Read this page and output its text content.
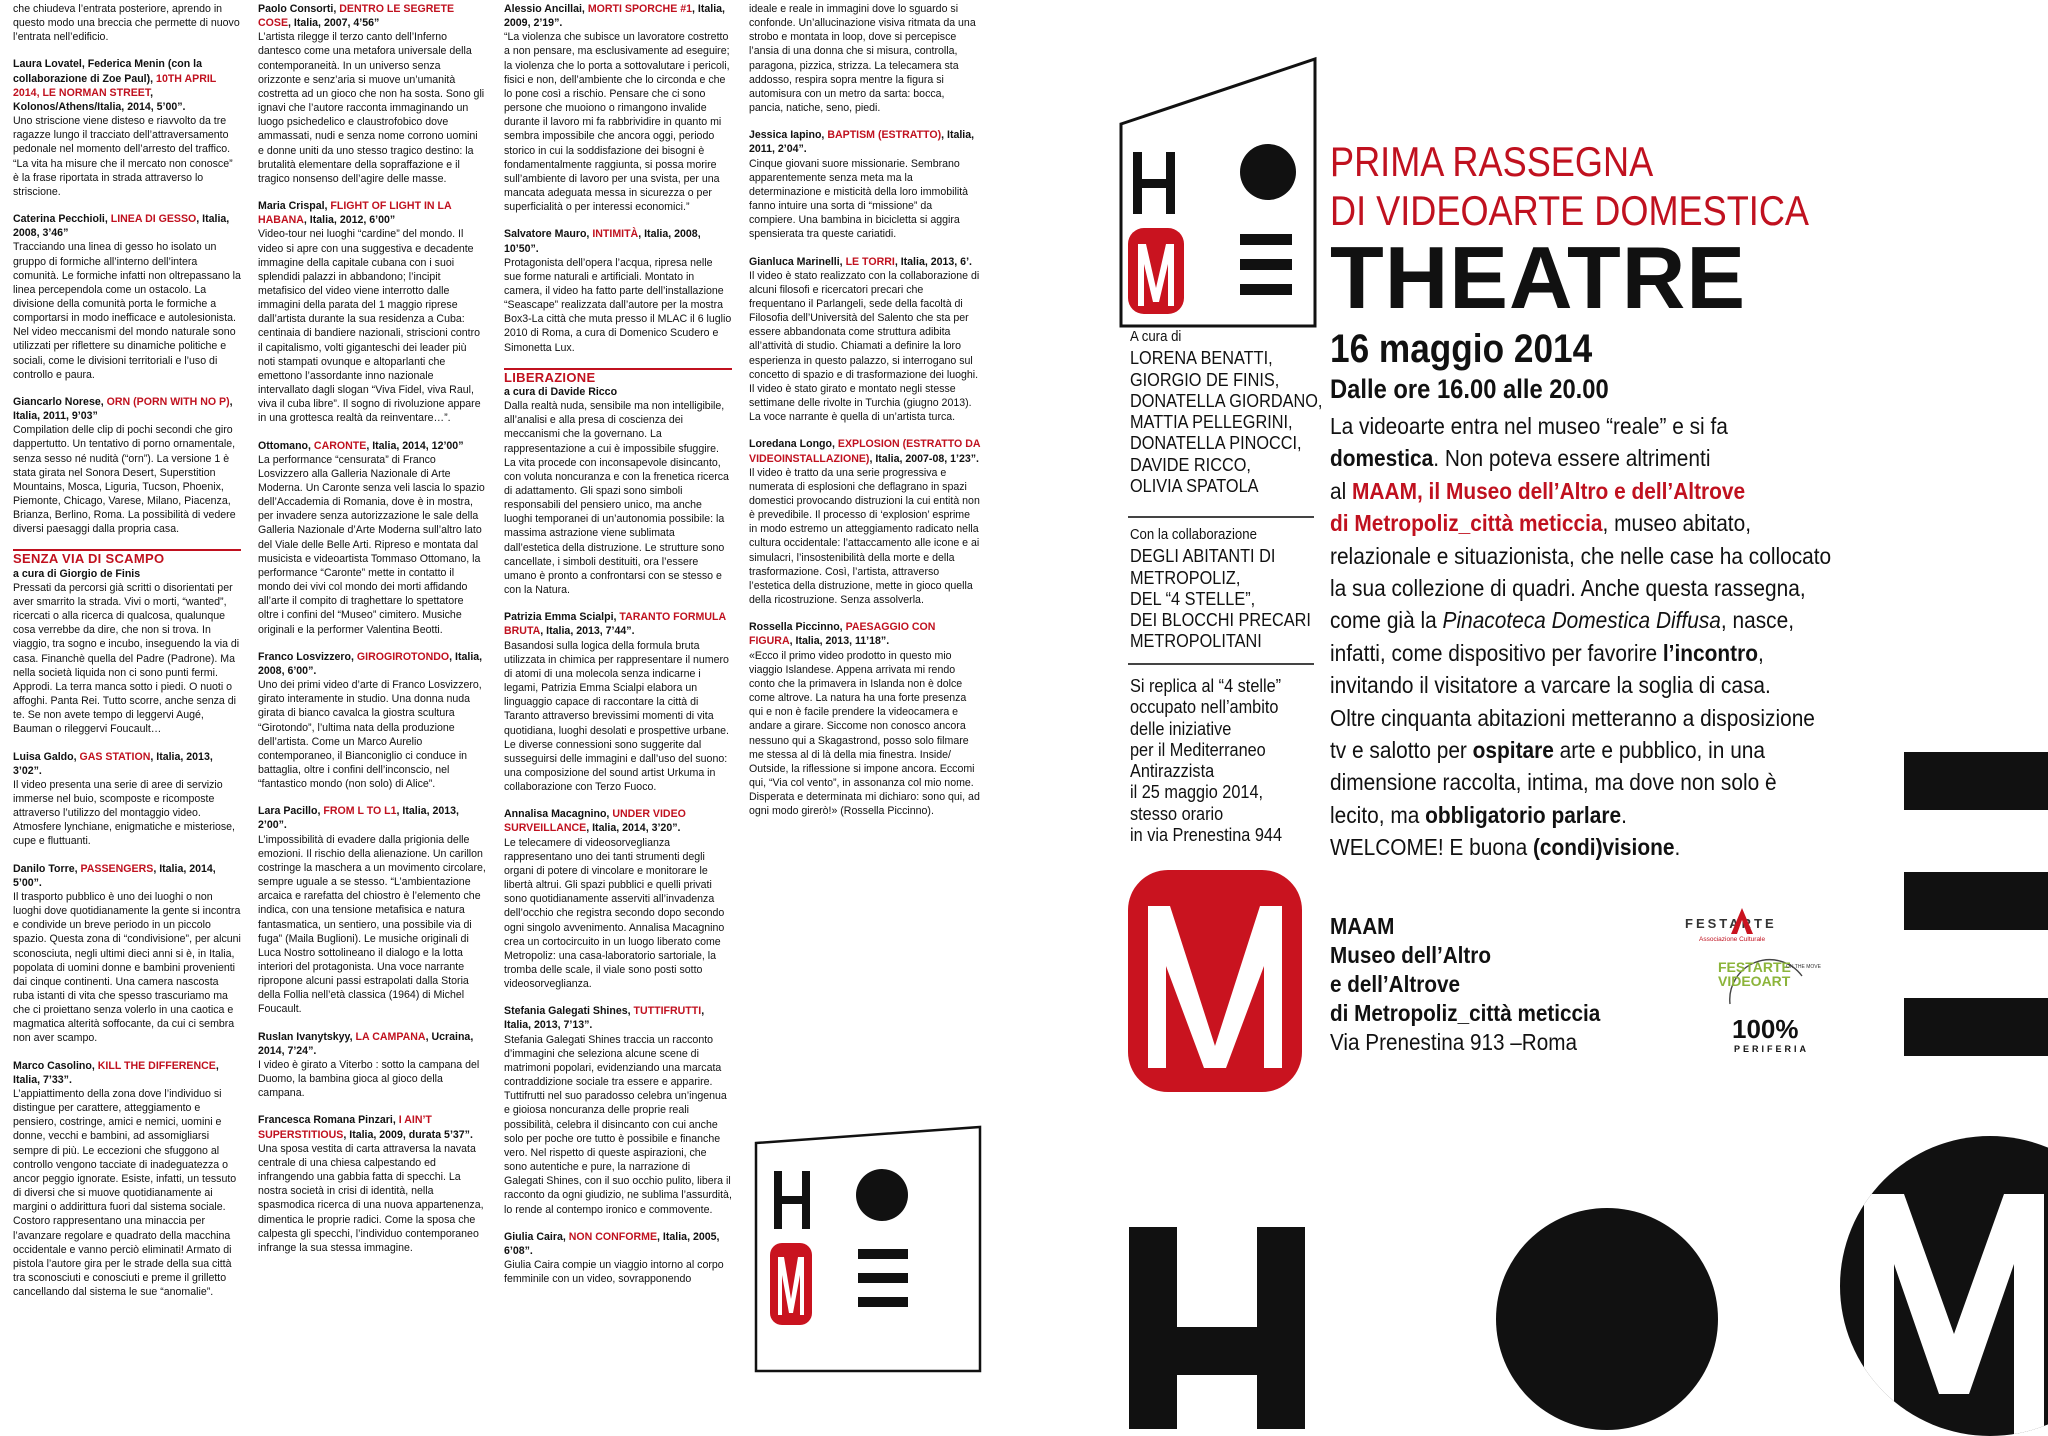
che chiudeva l’entrata posteriore, aprendo in questo modo una breccia che permette di nuovo l’entrata nell’edificio.

Laura Lovatel, Federica Menin (con la collaborazione di Zoe Paul), 10TH APRIL 2014, LE NORMAN STREET, Kolonos/Athens/Italia, 2014, 5’00”.

Uno striscione viene disteso e riavvolto da tre ragazze lungo il tracciato dell’attraversamento pedonale nel momento dell’arresto del traffico. “La vita ha misure che il mercato non conosce” è la frase riportata in strada attraverso lo striscione.

Caterina Pecchioli, LINEA DI GESSO, Italia, 2008, 3’46”

Tracciando una linea di gesso ho isolato un gruppo di formiche all’interno dell’intera comunità. Le formiche infatti non oltrepassano la linea percependola come un ostacolo. La divisione della comunità porta le formiche a comportarsi in modo inefficace e autolesionista. Nel video meccanismi del mondo naturale sono utilizzati per riflettere su dinamiche politiche e sociali, come le divisioni territoriali e l’uso di controllo e paura.

Giancarlo Norese, ORN (PORN WITH NO P), Italia, 2011, 9’03”

Compilation delle clip di pochi secondi che giro dappertutto. Un tentativo di porno ornamentale, senza sesso né nudità (“orn”). La versione 1 è stata girata nel Sonora Desert, Superstition Mountains, Mosca, Liguria, Tucson, Phoenix, Piemonte, Chicago, Varese, Milano, Piacenza, Brianza, Berlino, Roma. La possibilità di vedere diversi paesaggi dalla propria casa.

SENZA VIA DI SCAMPO
a cura di Giorgio de Finis

Pressati da percorsi già scritti o disorientati per aver smarrito la strada. Vivi o morti, “wanted”, ricercati o alla ricerca di qualcosa, qualunque cosa verrebbe da dire, che non si trova. In viaggio, tra sogno e incubo, inseguendo la via di casa. Financhè quella del Padre (Padrone). Ma nella società liquida non ci sono punti fermi. Approdi. La terra manca sotto i piedi. O nuoti o affoghi. Panta Rei. Tutto scorre, anche senza di te. Se non avete tempo di leggervi Augé, Bauman o rileggervi Foucault…

Luisa Galdo, GAS STATION, Italia, 2013, 3’02”.

Il video presenta una serie di aree di servizio immerse nel buio, scomposte e ricomposte attraverso l’utilizzo del montaggio video. Atmosfere lynchiane, enigmatiche e misteriose, cupe e fluttuanti.

Danilo Torre, PASSENGERS, Italia, 2014, 5’00”.

Il trasporto pubblico è uno dei luoghi o non luoghi dove quotidianamente la gente si incontra e condivide un breve periodo in un piccolo spazio. Questa zona di “condivisione”, per alcuni sconosciuta, negli ultimi dieci anni si è, in Italia, popolata di uomini donne e bambini provenienti dai cinque continenti. Una camera nascosta ruba istanti di vita che spesso trascuriamo ma che ci proiettano senza volerlo in una caotica e magmatica alterità soffocante, da cui ci sembra non aver scampo.

Marco Casolino, KILL THE DIFFERENCE, Italia, 7’33”.

L’appiattimento della zona dove l’individuo si distingue per carattere, atteggiamento e pensiero, costringe, amici e nemici, uomini e donne, vecchi e bambini, ad assomigliarsi sempre di più. Le eccezioni che sfuggono al controllo vengono tacciate di inadeguatezza o ancor peggio ignorate. Esiste, infatti, un tessuto di diversi che si muove quotidianamente ai margini o addirittura fuori dal sistema sociale. Costoro rappresentano una minaccia per l’avanzare regolare e quadrato della macchina occidentale e vanno perciò eliminati! Armato di pistola l’autore gira per le strade della sua città tra sconosciuti e conosciuti e preme il grilletto cancellando dal sistema le sue “anomalie”.

Paolo Consorti, DENTRO LE SEGRETE COSE, Italia, 2007, 4’56”

L’artista rilegge il terzo canto dell’Inferno dantesco come una metafora universale della contemporaneità. In un universo senza orizzonte e senz’aria si muove un’umanità costretta ad un gioco che non ha sosta. Sono gli ignavi che l’autore racconta immaginando un luogo psichedelico e claustrofobico dove ammassati, nudi e senza nome corrono uomini e donne uniti da uno stesso tragico destino: la brutalità elementare della sopraffazione e il tragico nonsenso dell’agire delle masse.

Maria Crispal, FLIGHT OF LIGHT IN LA HABANA, Italia, 2012, 6’00”

Video-tour nei luoghi “cardine” del mondo. Il video si apre con una suggestiva e decadente immagine della capitale cubana con i suoi splendidi palazzi in abbandono; l’incipit metafisico del video viene interrotto dalle immagini della parata del 1 maggio riprese dall’artista durante la sua residenza a Cuba: centinaia di bandiere nazionali, striscioni contro il capitalismo, volti giganteschi dei leader più noti stampati ovunque e altoparlanti che emettono l’assordante inno nazionale intervallato dagli slogan “Viva Fidel, viva Raul, viva il cuba libre”. Il sogno di rivoluzione appare in una grottesca realtà da reinventare…”.

Ottomano, CARONTE, Italia, 2014, 12’00”

La performance “censurata” di Franco Losvizzero alla Galleria Nazionale di Arte Moderna. Un Caronte senza veli lascia lo spazio dell’Accademia di Romania, dove è in mostra, per invadere senza autorizzazione le sale della Galleria Nazionale d’Arte Moderna sull’altro lato del Viale delle Belle Arti. Ripreso e montata dal musicista e videoartista Tommaso Ottomano, la performance “Caronte” mette in contatto il mondo dei vivi col mondo dei morti affidando all’arte il compito di traghettare lo spettatore oltre i confini del “Museo” cimitero. Musiche originali e la performer Valentina Beotti.

Franco Losvizzero, GIROGIROTONDO, Italia, 2008, 6’00”.

Uno dei primi video d’arte di Franco Losvizzero, girato interamente in studio. Una donna nuda girata di bianco cavalca la giostra scultura “Girotondo”, l’ultima nata della produzione dell’artista. Come un Marco Aurelio contemporaneo, il Bianconiglio ci conduce in battaglia, oltre i confini dell’inconscio, nel “fantastico mondo (non solo) di Alice”.

Lara Pacillo, FROM L TO L1, Italia, 2013, 2’00”.

L’impossibilità di evadere dalla prigionia delle emozioni. Il rischio della alienazione. Un carillon costringe la maschera a un movimento circolare, sempre uguale a se stesso. “L’ambientazione arcaica e rarefatta del chiostro è l’elemento che indica, con una tensione metafisica e natura fantasmatica, un sentiero, una possibile via di fuga” (Maila Buglioni). Le musiche originali di Luca Nostro sottolineano il dialogo e la lotta interiori del protagonista. Una voce narrante ripropone alcuni passi estrapolati dalla Storia della Follia nell’età classica (1964) di Michel Foucault.

Ruslan Ivanytskyy, LA CAMPANA, Ucraina, 2014, 7’24”.

I video è girato a Viterbo : sotto la campana del Duomo, la bambina gioca al gioco della campana.

Francesca Romana Pinzari, I AIN’T SUPERSTITIOUS, Italia, 2009, durata 5’37”.

Una sposa vestita di carta attraversa la navata centrale di una chiesa calpestando ed infrangendo una gabbia fatta di specchi. La nostra società in crisi di identità, nella spasmodica ricerca di una nuova appartenenza, dimentica le proprie radici. Come la sposa che calpesta gli specchi, l’individuo contemporaneo infrange la sua stessa immagine.

Alessio Ancillai, MORTI SPORCHE #1, Italia, 2009, 2’19”.

“La violenza che subisce un lavoratore costretto a non pensare, ma esclusivamente ad eseguire; la violenza che lo porta a sottovalutare i pericoli, fisici e non, dell’ambiente che lo circonda e che lo pone così a rischio. Pensare che ci sono persone che muoiono o rimangono invalide durante il lavoro mi fa rabbrividire in quanto mi sembra impossibile che ancora oggi, periodo storico in cui la soddisfazione dei bisogni è fondamentalmente raggiunta, si possa morire sull’ambiente di lavoro per una svista, per una mancata adeguata messa in sicurezza o per superficialità o per interessi economici.”

Salvatore Mauro, INTIMITÀ, Italia, 2008, 10’50”.

Protagonista dell’opera l’acqua, ripresa nelle sue forme naturali e artificiali. Montato in camera, il video ha fatto parte dell’installazione “Seascape” realizzata dall’autore per la mostra Box3-La città che muta presso il MLAC il 6 luglio 2010 di Roma, a cura di Domenico Scudero e Simonetta Lux.

LIBERAZIONE
a cura di Davide Ricco

Dalla realtà nuda, sensibile ma non intelligibile, all’analisi e alla presa di coscienza dei meccanismi che la governano. La rappresentazione a cui è impossibile sfuggire. La vita procede con inconsapevole disincanto, con voluta noncuranza e con la frenetica ricerca di adattamento. Gli spazi sono simboli responsabili del pensiero unico, ma anche luoghi temporanei di un’autonomia possibile: la massima astrazione viene sublimata dall’estetica della distruzione. Le strutture sono cancellate, i simboli destituiti, ora l’essere umano è pronto a confrontarsi con se stesso e con la Natura.

Patrizia Emma Scialpi, TARANTO FORMULA BRUTA, Italia, 2013, 7’44”.

Basandosi sulla logica della formula bruta utilizzata in chimica per rappresentare il numero di atomi di una molecola senza indicarne i legami, Patrizia Emma Scialpi elabora un linguaggio capace di raccontare la città di Taranto attraverso brevissimi momenti di vita quotidiana, luoghi desolati e prospettive urbane. Le diverse connessioni sono suggerite dal susseguirsi delle immagini e dall’uso del suono: una composizione del sound artist Urkuma in collaborazione con Terzo Fuoco.

Annalisa Macagnino, UNDER VIDEO SURVEILLANCE, Italia, 2014, 3’20”.

Le telecamere di videosorveglianza rappresentano uno dei tanti strumenti degli organi di potere di vincolare e monitorare le libertà altrui. Gli spazi pubblici e quelli privati sono quotidianamente asserviti all’invadenza dell’occhio che registra secondo dopo secondo ogni singolo avvenimento. Annalisa Macagnino crea un cortocircuito in un luogo liberato come Metropoliz: una casa-laboratorio sartoriale, la tromba delle scale, il viale sono posti sotto videosorveglianza.

Stefania Galegati Shines, TUTTIFRUTTI, Italia, 2013, 7’13”.

Stefania Galegati Shines traccia un racconto d’immagini che seleziona alcune scene di matrimoni popolari, evidenziando una marcata contraddizione sociale tra essere e apparire. Tuttifrutti nel suo paradosso celebra un’ingenua e gioiosa noncuranza delle proprie reali possibilità, celebra il disincanto con cui anche solo per poche ore tutto è possibile e finanche vero. Nel rispetto di queste aspirazioni, che sono autentiche e pure, la narrazione di Galegati Shines, con il suo occhio pulito, libera il racconto da ogni giudizio, ne sublima l’assurdità, lo rende al contempo ironico e commovente.

Giulia Caira, NON CONFORME, Italia, 2005, 6’08”.

Giulia Caira compie un viaggio intorno al corpo femminile con un video, sovrapponendo

ideale e reale in immagini dove lo sguardo si confonde. Un’allucinazione visiva ritmata da una strobo e montata in loop, dove si percepisce l’ansia di una donna che si misura, controlla, paragona, pizzica, strizza. La telecamera sta addosso, respira sopra mentre la figura si automisura con un metro da sarta: bocca, pancia, natiche, seno, piedi.

Jessica Iapino, BAPTISM (ESTRATTO), Italia, 2011, 2’04”.

Cinque giovani suore missionarie. Sembrano apparentemente senza meta ma la determinazione e misticità della loro immobilità fanno intuire una sorta di “missione” da compiere. Una bambina in bicicletta si aggira spensierata tra queste cariatidi.

Gianluca Marinelli, LE TORRI, Italia, 2013, 6’.

Il video è stato realizzato con la collaborazione di alcuni filosofi e ricercatori precari che frequentano il Parlangeli, sede della facoltà di Filosofia dell’Università del Salento che sta per essere abbandonata come struttura adibita all’attività di studio. Chiamati a definire la loro esperienza in questo palazzo, si interrogano sul concetto di spazio e di trasformazione dei luoghi. Il video è stato girato e montato negli stesse settimane delle rivolte in Turchia (giugno 2013). La voce narrante è quella di un’artista turca.

Loredana Longo, EXPLOSION (ESTRATTO DA VIDEOINSTALLAZIONE), Italia, 2007-08, 1’23”.

Il video è tratto da una serie progressiva e numerata di esplosioni che deflagrano in spazi domestici provocando distruzioni la cui entità non è prevedibile. Il processo di ‘explosion’ esprime in modo estremo un atteggiamento radicato nella cultura occidentale: l’attaccamento alle icone e ai simulacri, l’insostenibilità della morte e della trasformazione. Così, l’artista, attraverso l’estetica della distruzione, mette in gioco quella della ricostruzione. Senza assolverla.

Rossella Piccinno, PAESAGGIO CON FIGURA, Italia, 2013, 11’18”.

«Ecco il primo video prodotto in questo mio viaggio Islandese. Appena arrivata mi rendo conto che la primavera in Islanda non è dolce come altrove. La natura ha una forte presenza qui e non è facile prendere la videocamera e andare a girare. Siccome non conosco ancora nessuno qui a Skagastrond, posso solo filmare me stessa al di là della mia finestra. Inside/ Outside, la riflessione si impone ancora. Eccomi qui, “Via col vento”, in assonanza col mio nome. Disperata e determinata mi dichiaro: sono qui, ad ogni modo girerò!» (Rossella Piccinno).

PRIMA RASSEGNA
DI VIDEOARTE DOMESTICA
THEATRE
A cura di
LORENA BENATTI,
GIORGIO DE FINIS,
DONATELLA GIORDANO,
MATTIA PELLEGRINI,
DONATELLA PINOCCI,
DAVIDE RICCO,
OLIVIA SPATOLA
Con la collaborazione
DEGLI ABITANTI DI
METROPOLIZ,
DEL “4 STELLE”,
DEI BLOCCHI PRECARI
METROPOLITANI
Si replica al “4 stelle”
occupato nell’ambito
delle iniziative
per il Mediterraneo
Antirazzista
il 25 maggio 2014,
stesso orario
in via Prenestina 944
16 maggio 2014
Dalle ore 16.00 alle 20.00
La videoarte entra nel museo “reale” e si fa
domestica. Non poteva essere altrimenti
al MAAM, il Museo dell’Altro e dell’Altrove
di Metropoliz_città meticcia, museo abitato,
relazionale e situazionista, che nelle case ha collocato
la sua collezione di quadri. Anche questa rassegna,
come già la Pinacoteca Domestica Diffusa, nasce,
infatti, come dispositivo per favorire l’incontro,
invitando il visitatore a varcare la soglia di casa.
Oltre cinquanta abitazioni metteranno a disposizione
tv e salotto per ospitare arte e pubblico, in una
dimensione raccolta, intima, ma dove non solo è
lecito, ma obbligatorio parlare.
WELCOME! E buona (condi)visione.
MAAM
Museo dell’Altro
e dell’Altrove
di Metropoliz_città meticcia
Via Prenestina 913 –Roma
FESTARTE
Associazione Culturale
FESTARTE
VIDEOART
ON THE MOVE
100%
PERIFERIA
